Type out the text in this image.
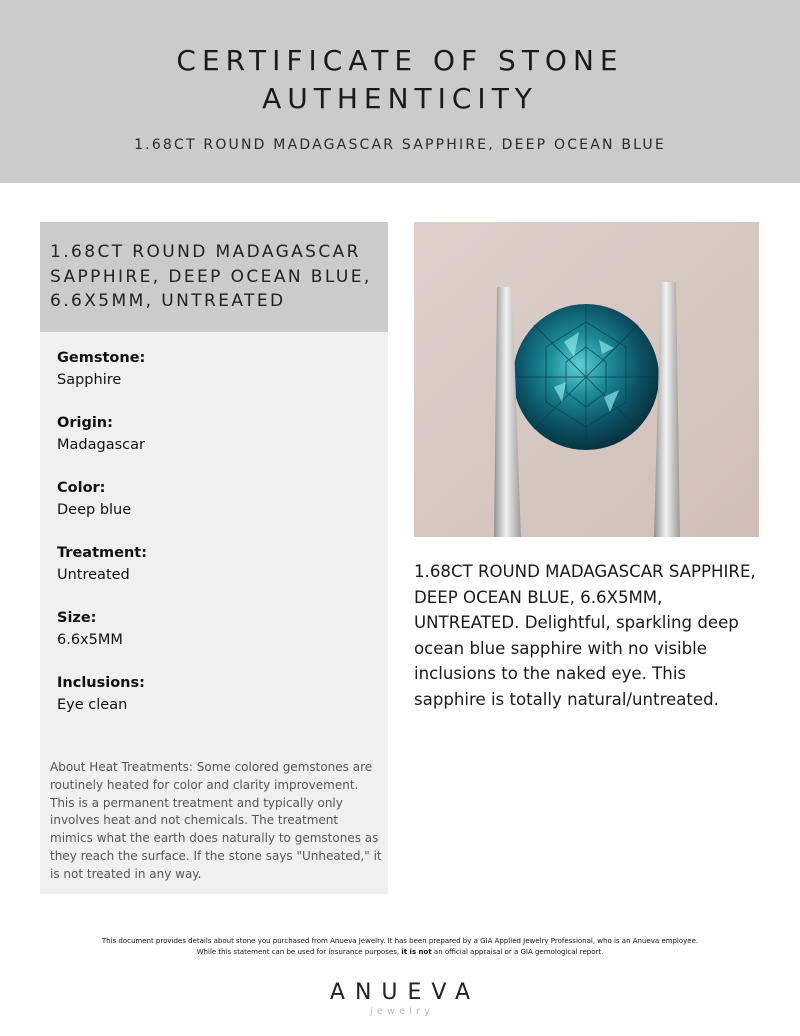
CERTIFICATE OF STONE
AUTHENTICITY
1.68CT ROUND MADAGASCAR SAPPHIRE, DEEP OCEAN BLUE
1.68CT ROUND MADAGASCAR SAPPHIRE, DEEP OCEAN BLUE, 6.6X5MM, UNTREATED
Gemstone:
Sapphire
Origin:
Madagascar
Color:
Deep blue
Treatment:
Untreated
Size:
6.6x5MM
Inclusions:
Eye clean
About Heat Treatments: Some colored gemstones are routinely heated for color and clarity improvement. This is a permanent treatment and typically only involves heat and not chemicals. The treatment mimics what the earth does naturally to gemstones as they reach the surface. If the stone says "Unheated," it is not treated in any way.
1.68CT ROUND MADAGASCAR SAPPHIRE, DEEP OCEAN BLUE, 6.6X5MM, UNTREATED. Delightful, sparkling deep ocean blue sapphire with no visible inclusions to the naked eye. This sapphire is totally natural/untreated.
This document provides details about stone you purchased from Anueva Jewelry. It has been prepared by a GIA Applied Jewelry Professional, who is an Anueva employee.
While this statement can be used for insurance purposes, it is not an official appraisal or a GIA gemological report.
ANUEVA
jewelry
